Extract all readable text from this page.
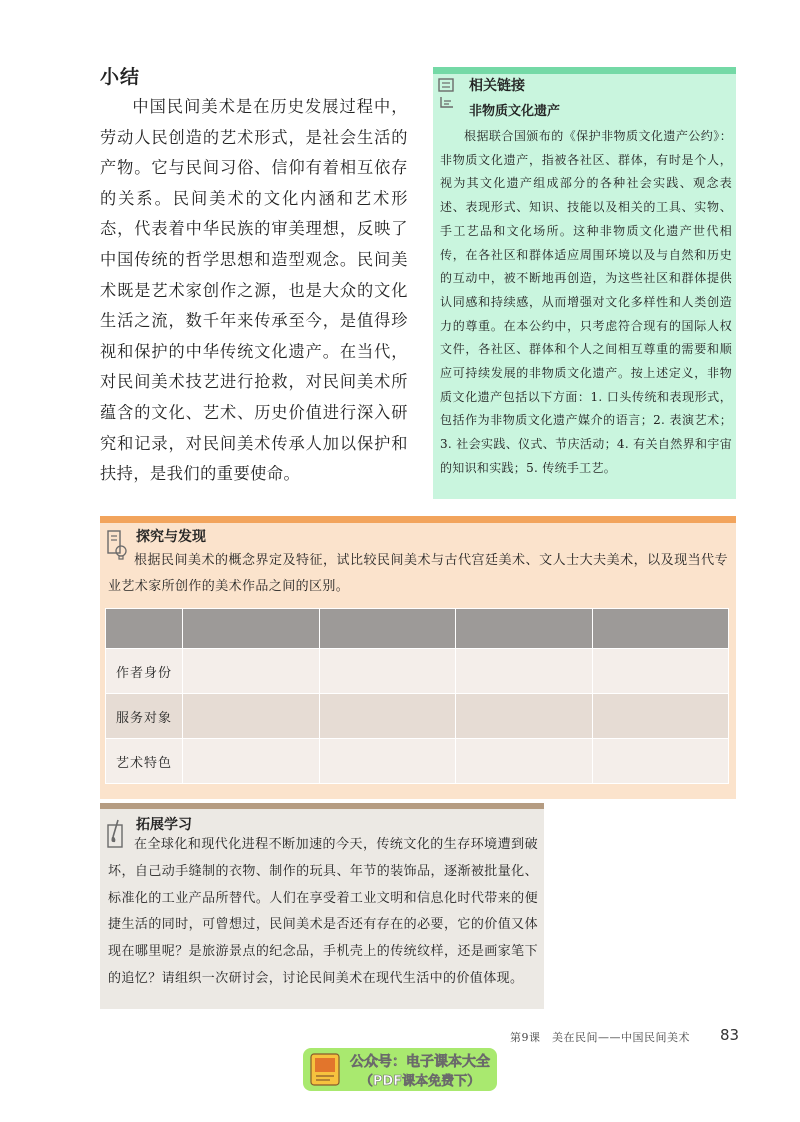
小结
中国民间美术是在历史发展过程中，劳动人民创造的艺术形式，是社会生活的产物。它与民间习俗、信仰有着相互依存的关系。民间美术的文化内涵和艺术形态，代表着中华民族的审美理想，反映了中国传统的哲学思想和造型观念。民间美术既是艺术家创作之源，也是大众的文化生活之流，数千年来传承至今，是值得珍视和保护的中华传统文化遗产。在当代，对民间美术技艺进行抢救，对民间美术所蕴含的文化、艺术、历史价值进行深入研究和记录，对民间美术传承人加以保护和扶持，是我们的重要使命。
相关链接
非物质文化遗产
根据联合国颁布的《保护非物质文化遗产公约》：非物质文化遗产，指被各社区、群体，有时是个人，视为其文化遗产组成部分的各种社会实践、观念表述、表现形式、知识、技能以及相关的工具、实物、手工艺品和文化场所。这种非物质文化遗产世代相传，在各社区和群体适应周围环境以及与自然和历史的互动中，被不断地再创造，为这些社区和群体提供认同感和持续感，从而增强对文化多样性和人类创造力的尊重。在本公约中，只考虑符合现有的国际人权文件，各社区、群体和个人之间相互尊重的需要和顺应可持续发展的非物质文化遗产。按上述定义，非物质文化遗产包括以下方面：1. 口头传统和表现形式，包括作为非物质文化遗产媒介的语言；2. 表演艺术；3. 社会实践、仪式、节庆活动；4. 有关自然界和宇宙的知识和实践；5. 传统手工艺。
探究与发现
根据民间美术的概念界定及特征，试比较民间美术与古代宫廷美术、文人士大夫美术，以及现当代专业艺术家所创作的美术作品之间的区别。

作者身份				
服务对象				
艺术特色				
拓展学习
在全球化和现代化进程不断加速的今天，传统文化的生存环境遭到破坏，自己动手缝制的衣物、制作的玩具、年节的装饰品，逐渐被批量化、标准化的工业产品所替代。人们在享受着工业文明和信息化时代带来的便捷生活的同时，可曾想过，民间美术是否还有存在的必要，它的价值又体现在哪里呢？是旅游景点的纪念品，手机壳上的传统纹样，还是画家笔下的追忆？请组织一次研讨会，讨论民间美术在现代生活中的价值体现。
第9课　美在民间——中国民间美术 83
公众号：电子课本大全
（PDF课本免费下）
